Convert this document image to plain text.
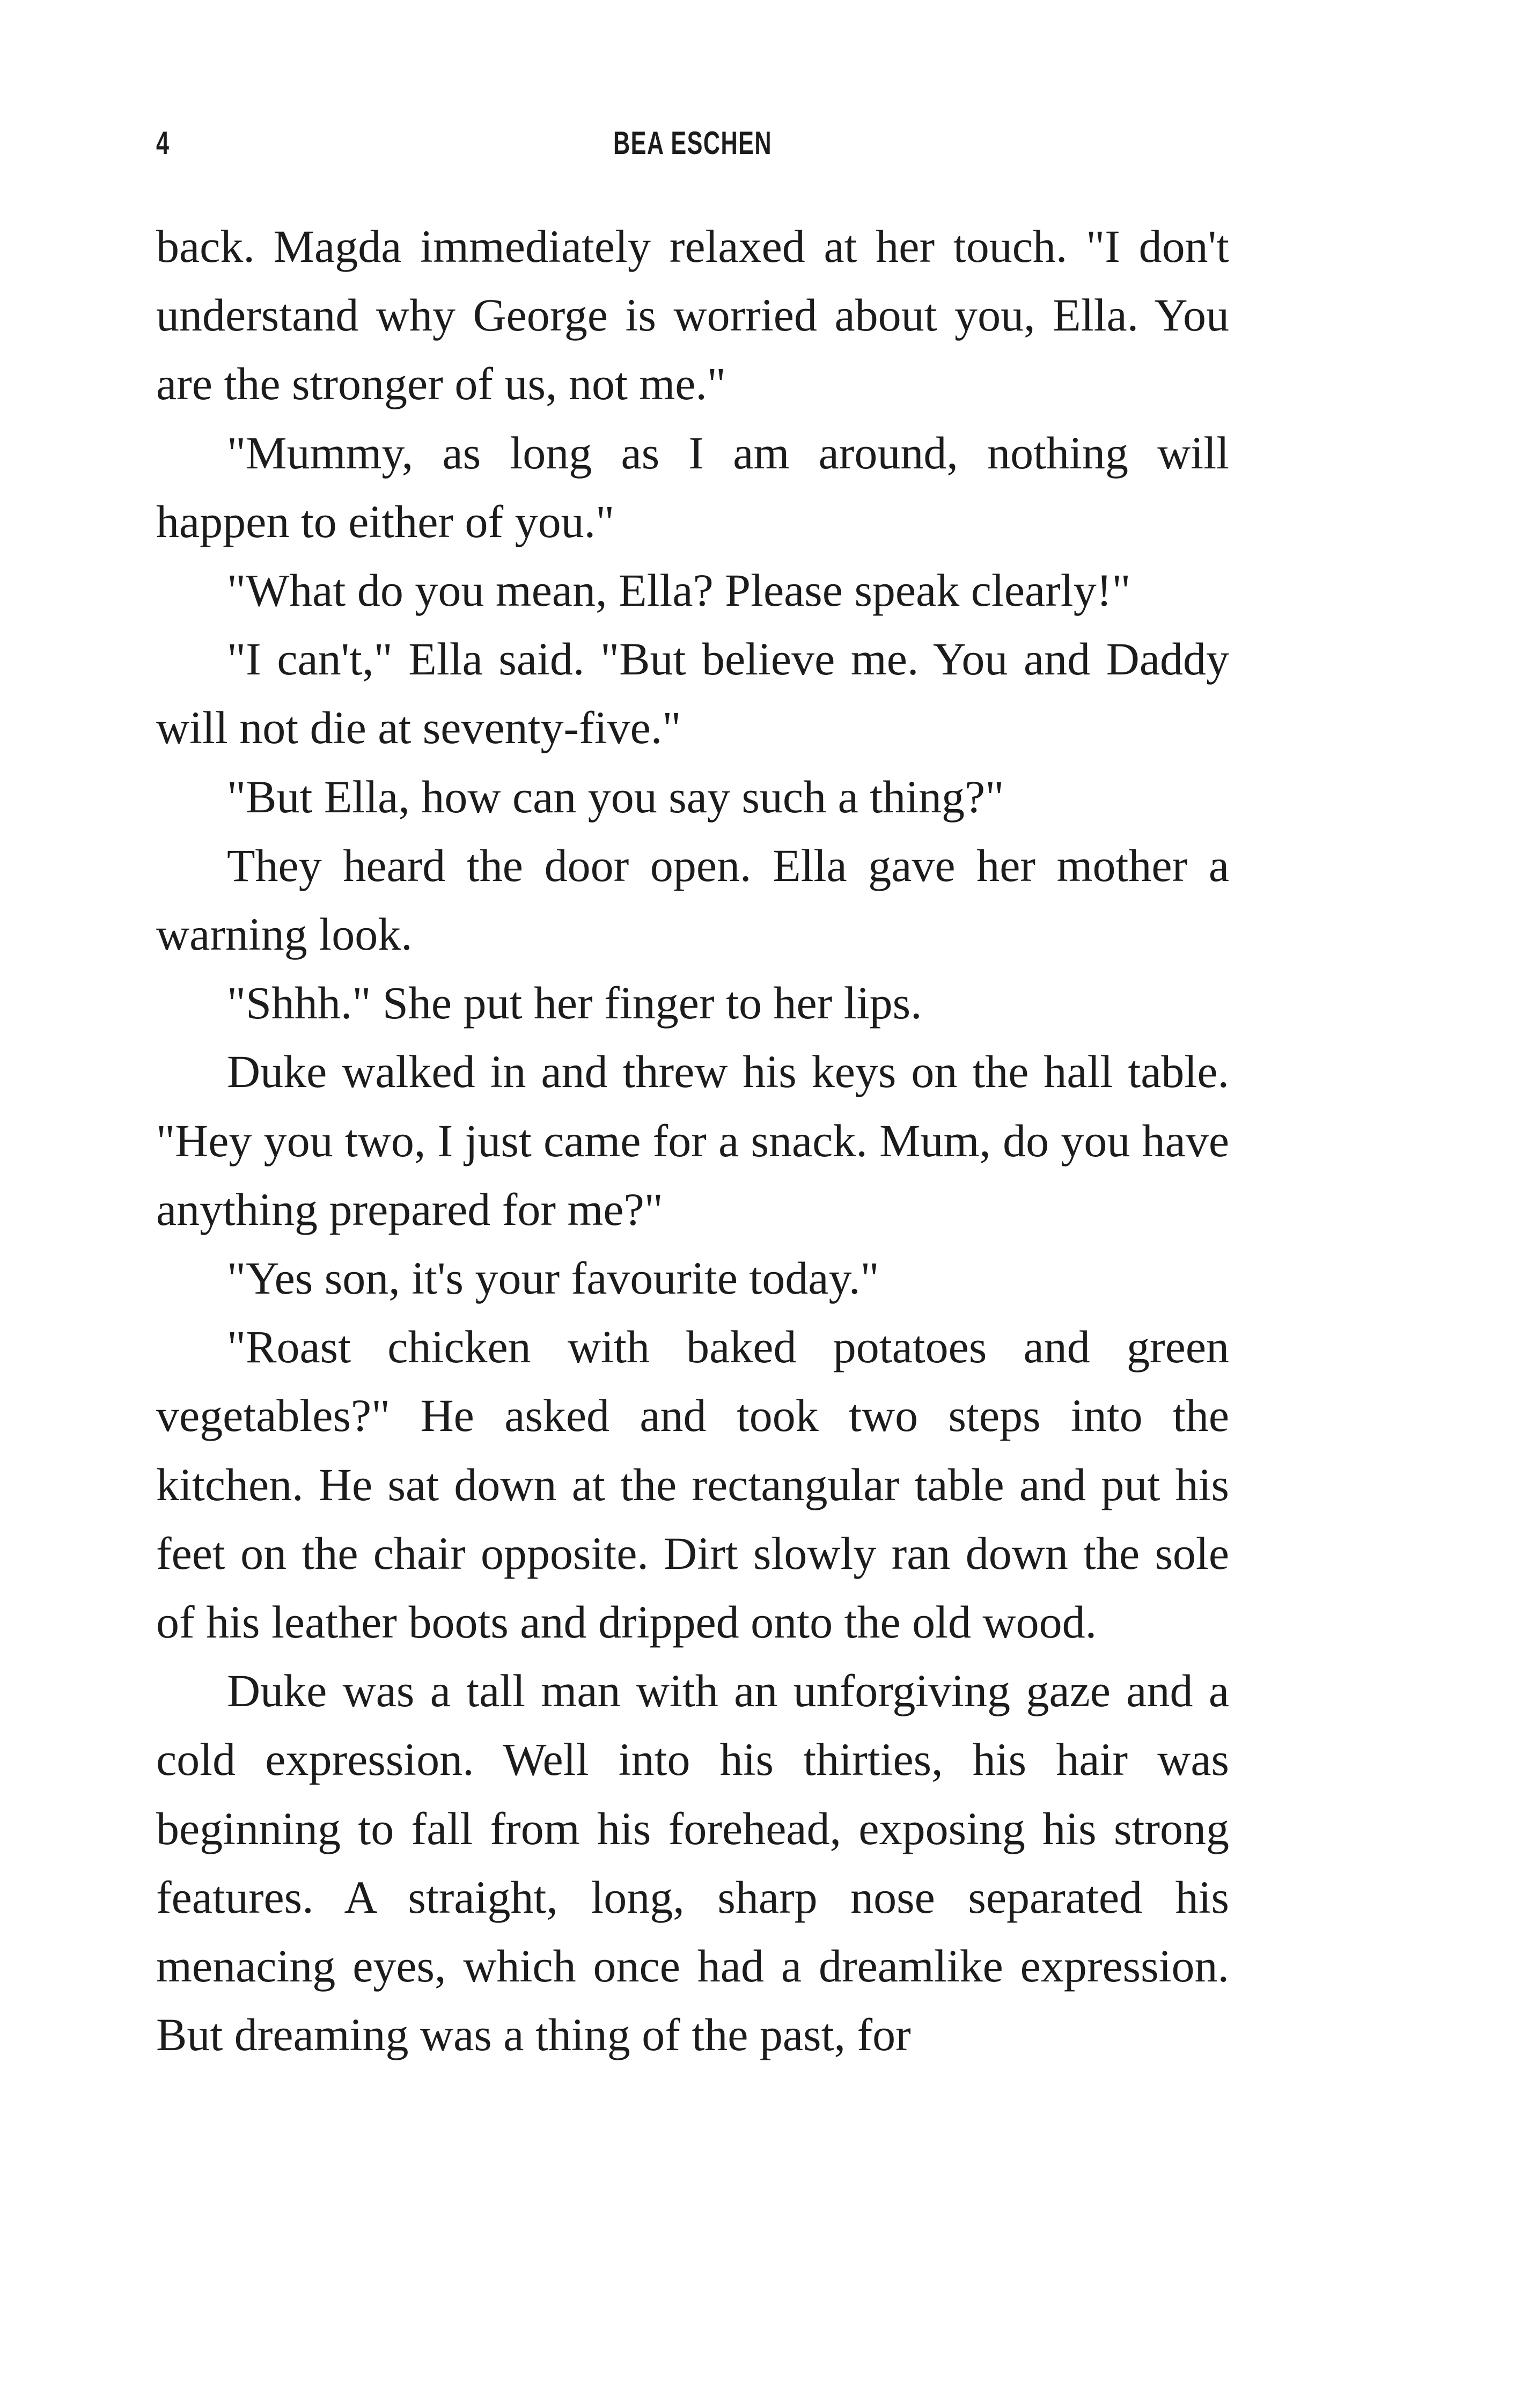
4	BEA ESCHEN

back. Magda immediately relaxed at her touch. "I don't understand why George is worried about you, Ella. You are the stronger of us, not me."

"Mummy, as long as I am around, nothing will happen to either of you."

"What do you mean, Ella? Please speak clearly!"

"I can't," Ella said. "But believe me. You and Daddy will not die at seventy-five."

"But Ella, how can you say such a thing?"

They heard the door open. Ella gave her mother a warning look.

"Shhh." She put her finger to her lips.

Duke walked in and threw his keys on the hall table. "Hey you two, I just came for a snack. Mum, do you have anything prepared for me?"

"Yes son, it's your favourite today."

"Roast chicken with baked potatoes and green vegetables?" He asked and took two steps into the kitchen. He sat down at the rectangular table and put his feet on the chair opposite. Dirt slowly ran down the sole of his leather boots and dripped onto the old wood.

Duke was a tall man with an unforgiving gaze and a cold expression. Well into his thirties, his hair was beginning to fall from his forehead, exposing his strong features. A straight, long, sharp nose separated his menacing eyes, which once had a dreamlike expression. But dreaming was a thing of the past, for
